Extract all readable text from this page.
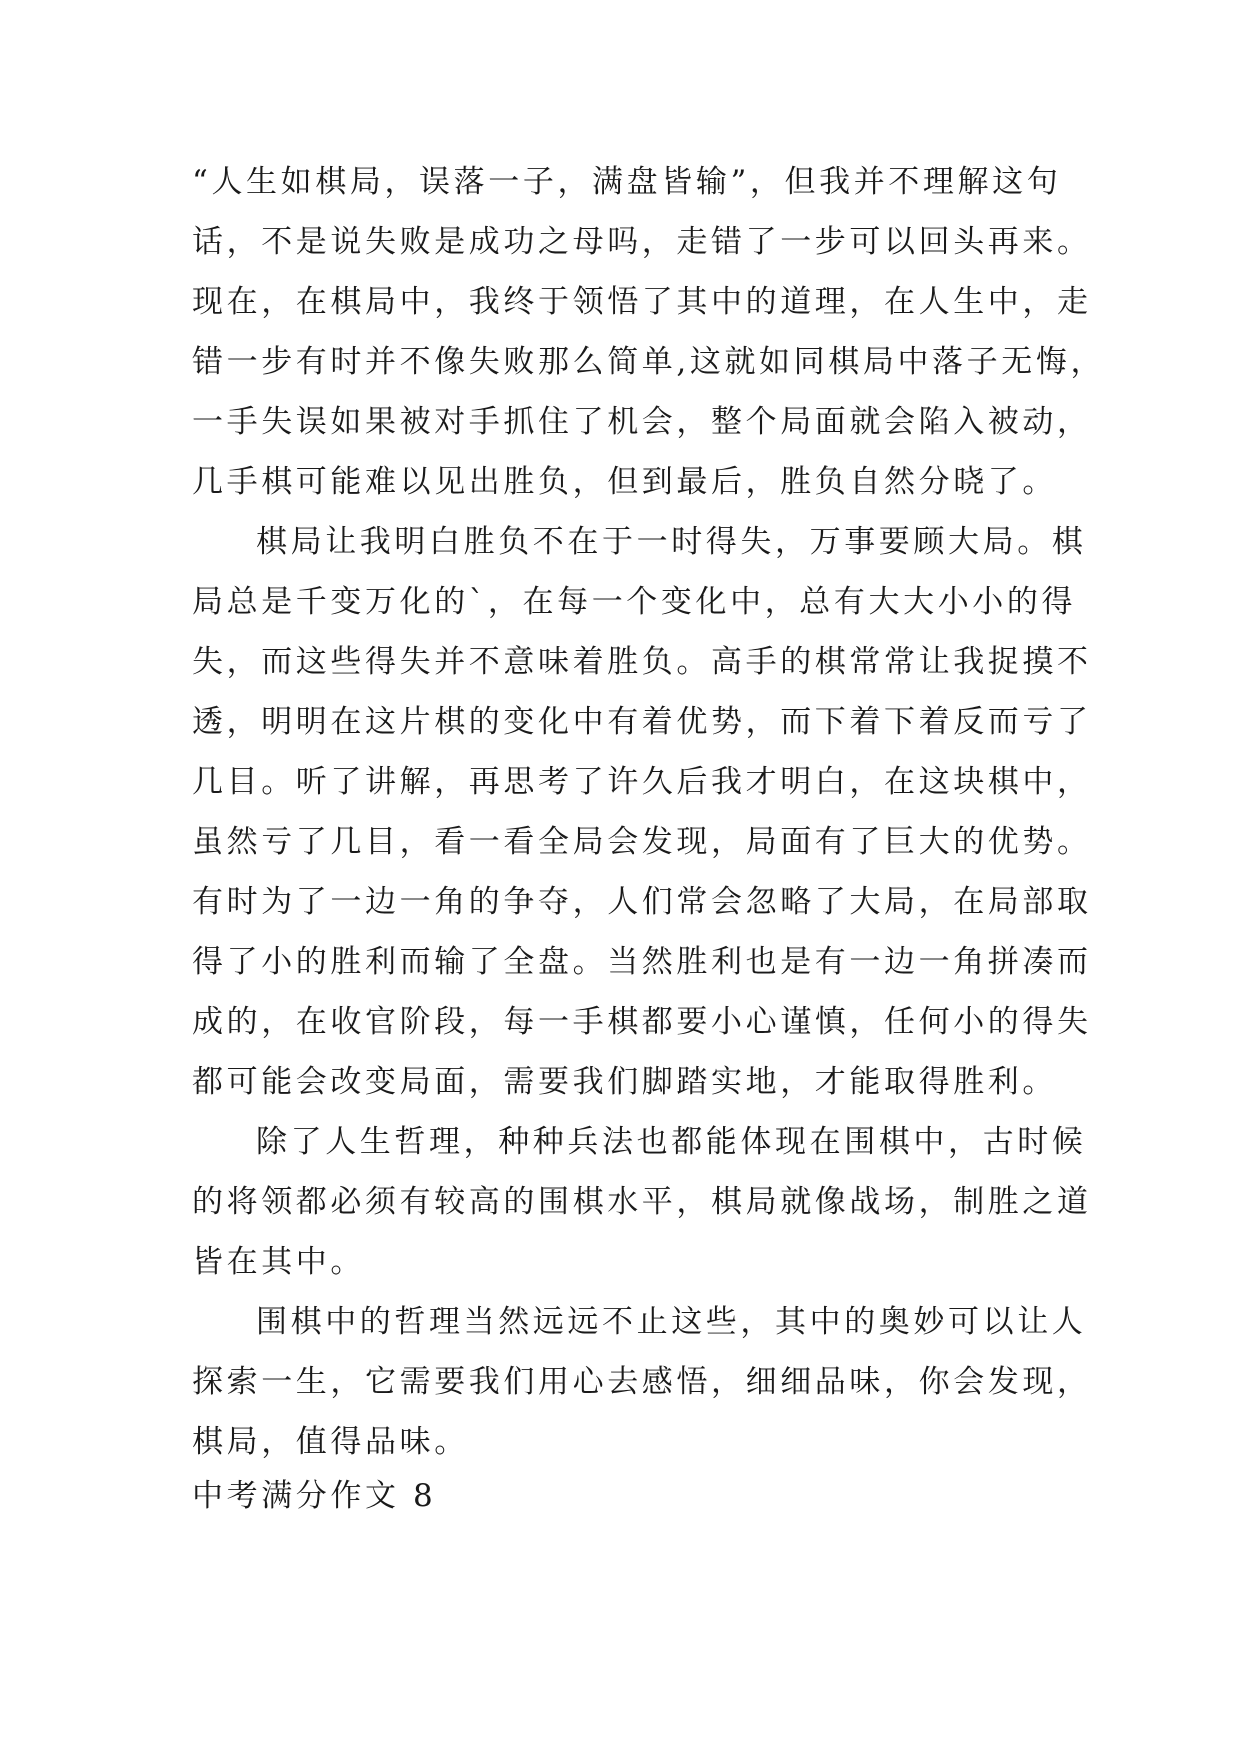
“人生如棋局，误落一子，满盘皆输”，但我并不理解这句
话，不是说失败是成功之母吗，走错了一步可以回头再来。
现在，在棋局中，我终于领悟了其中的道理，在人生中，走
错一步有时并不像失败那么简单,这就如同棋局中落子无悔，
一手失误如果被对手抓住了机会，整个局面就会陷入被动，
几手棋可能难以见出胜负，但到最后，胜负自然分晓了。
棋局让我明白胜负不在于一时得失，万事要顾大局。棋
局总是千变万化的`，在每一个变化中，总有大大小小的得
失，而这些得失并不意味着胜负。高手的棋常常让我捉摸不
透，明明在这片棋的变化中有着优势，而下着下着反而亏了
几目。听了讲解，再思考了许久后我才明白，在这块棋中，
虽然亏了几目，看一看全局会发现，局面有了巨大的优势。
有时为了一边一角的争夺，人们常会忽略了大局，在局部取
得了小的胜利而输了全盘。当然胜利也是有一边一角拼凑而
成的，在收官阶段，每一手棋都要小心谨慎，任何小的得失
都可能会改变局面，需要我们脚踏实地，才能取得胜利。
除了人生哲理，种种兵法也都能体现在围棋中，古时候
的将领都必须有较高的围棋水平，棋局就像战场，制胜之道
皆在其中。
围棋中的哲理当然远远不止这些，其中的奥妙可以让人
探索一生，它需要我们用心去感悟，细细品味，你会发现，
棋局，值得品味。
中考满分作文 8
